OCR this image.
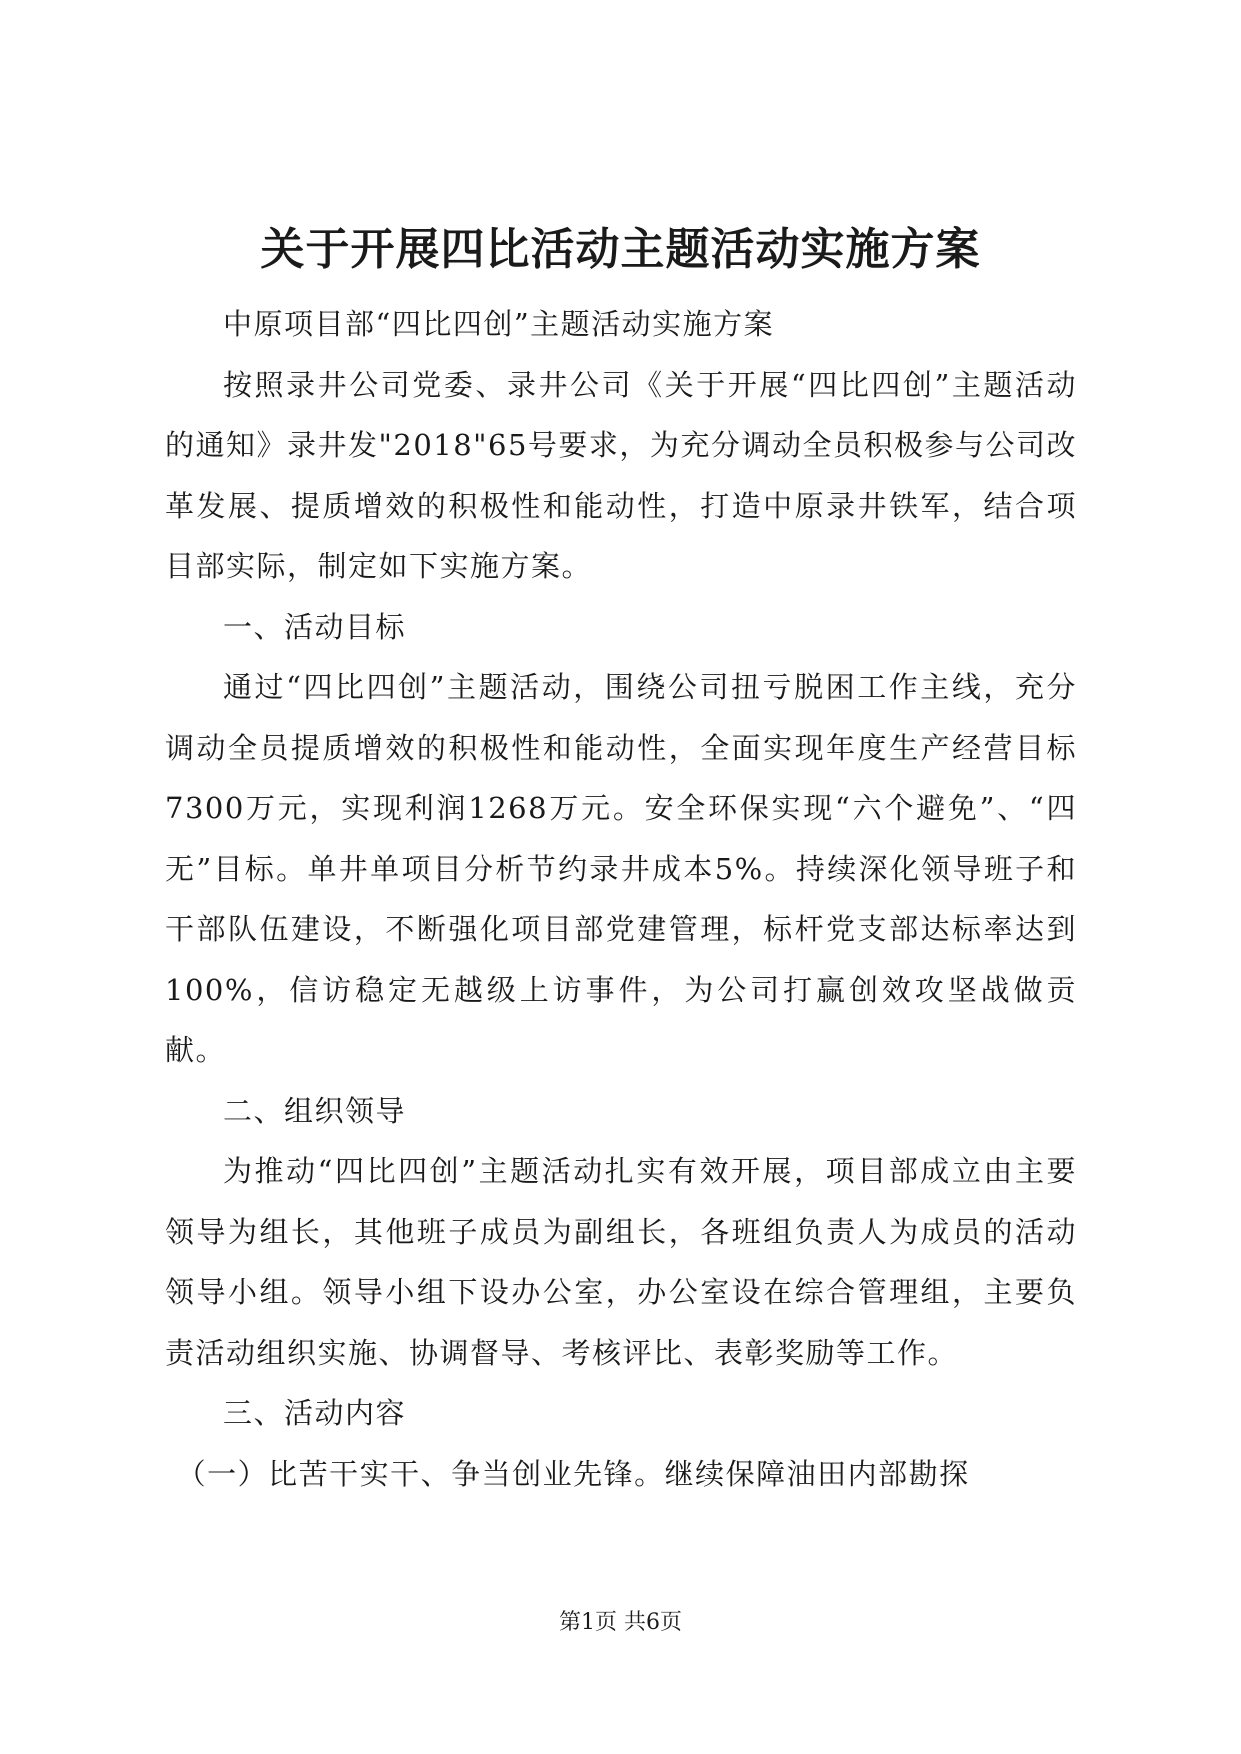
关于开展四比活动主题活动实施方案

中原项目部“四比四创”主题活动实施方案

按照录井公司党委、录井公司《关于开展“四比四创”主题活动的通知》录井发"2018"65号要求，为充分调动全员积极参与公司改革发展、提质增效的积极性和能动性，打造中原录井铁军，结合项目部实际，制定如下实施方案。

一、活动目标

通过“四比四创”主题活动，围绕公司扭亏脱困工作主线，充分调动全员提质增效的积极性和能动性，全面实现年度生产经营目标7300万元，实现利润1268万元。安全环保实现“六个避免”、“四无”目标。单井单项目分析节约录井成本5%。持续深化领导班子和干部队伍建设，不断强化项目部党建管理，标杆党支部达标率达到100%，信访稳定无越级上访事件，为公司打赢创效攻坚战做贡献。

二、组织领导

为推动“四比四创”主题活动扎实有效开展，项目部成立由主要领导为组长，其他班子成员为副组长，各班组负责人为成员的活动领导小组。领导小组下设办公室，办公室设在综合管理组，主要负责活动组织实施、协调督导、考核评比、表彰奖励等工作。

三、活动内容

（一）比苦干实干、争当创业先锋。继续保障油田内部勘探

第1页 共6页
